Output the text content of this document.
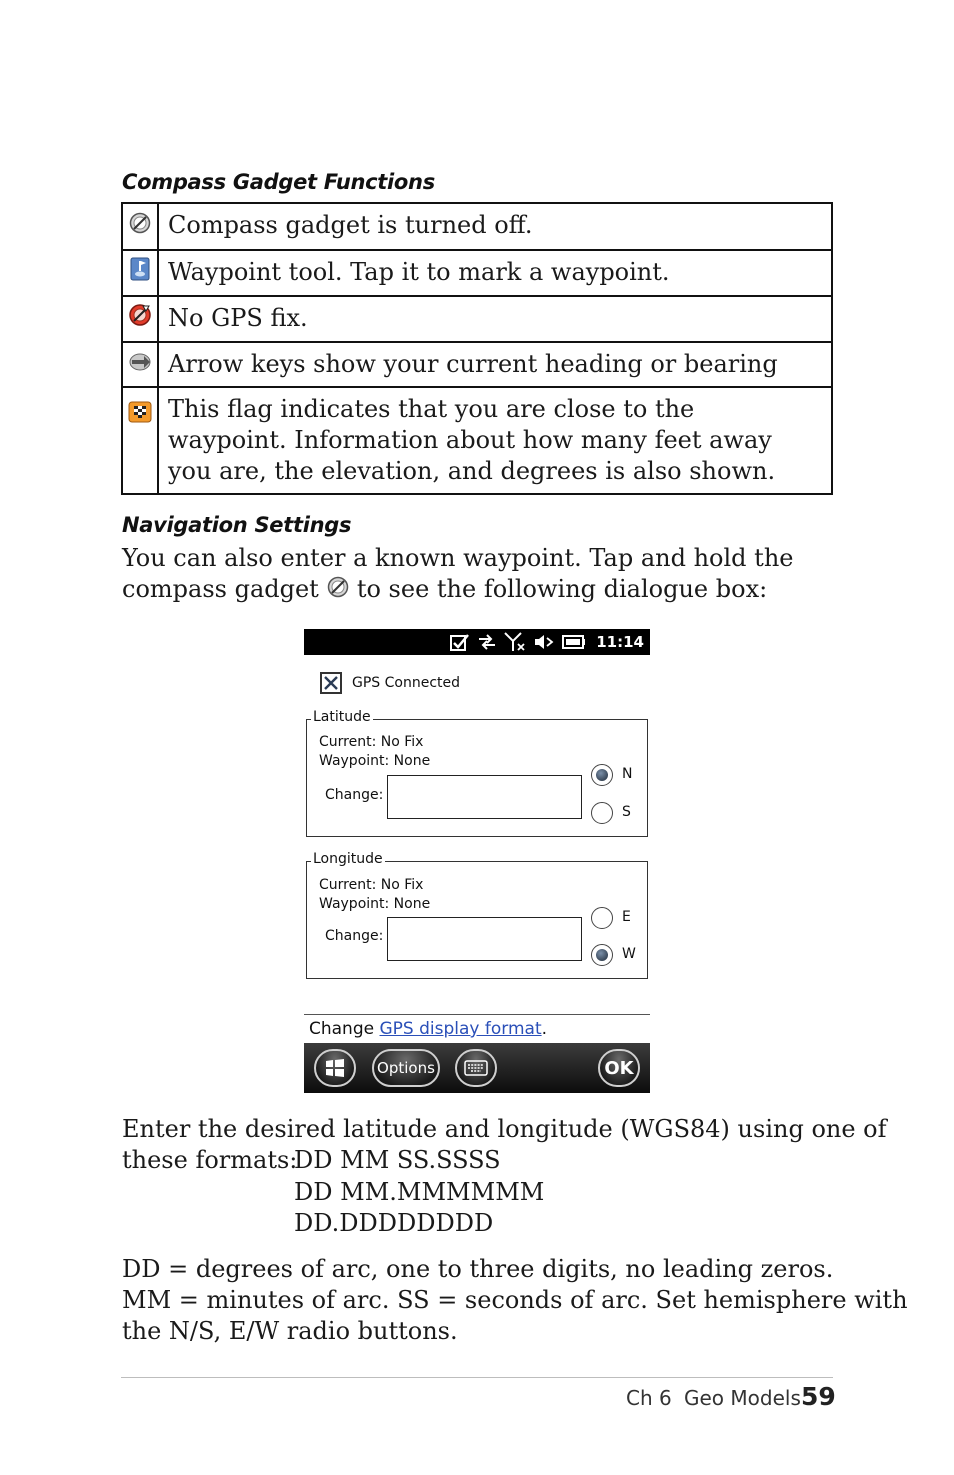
Compass Gadget Functions
	Compass gadget is turned off.
	Waypoint tool. Tap it to mark a waypoint.
	No GPS fix.
	Arrow keys show your current heading or bearing
	This flag indicates that you are close to the waypoint. Information about how many feet away you are, the elevation, and degrees is also shown.
Navigation Settings

You can also enter a known waypoint. Tap and hold the

compass gadget to see the following dialogue box:

11:14
GPS Connected
Latitude
Current: No Fix
Waypoint: None
Change:
N
S
Longitude
Current: No Fix
Waypoint: None
Change:
E
W
Change GPS display format.
Options	OK

Enter the desired latitude and longitude (WGS84) using one of

these formats:

DD MM SS.SSSS

DD MM.MMMMMM

DD.DDDDDDDD

DD = degrees of arc, one to three digits, no leading zeros.

MM = minutes of arc. SS = seconds of arc. Set hemisphere with

the N/S, E/W radio buttons.

Ch 6 Geo Models 59
